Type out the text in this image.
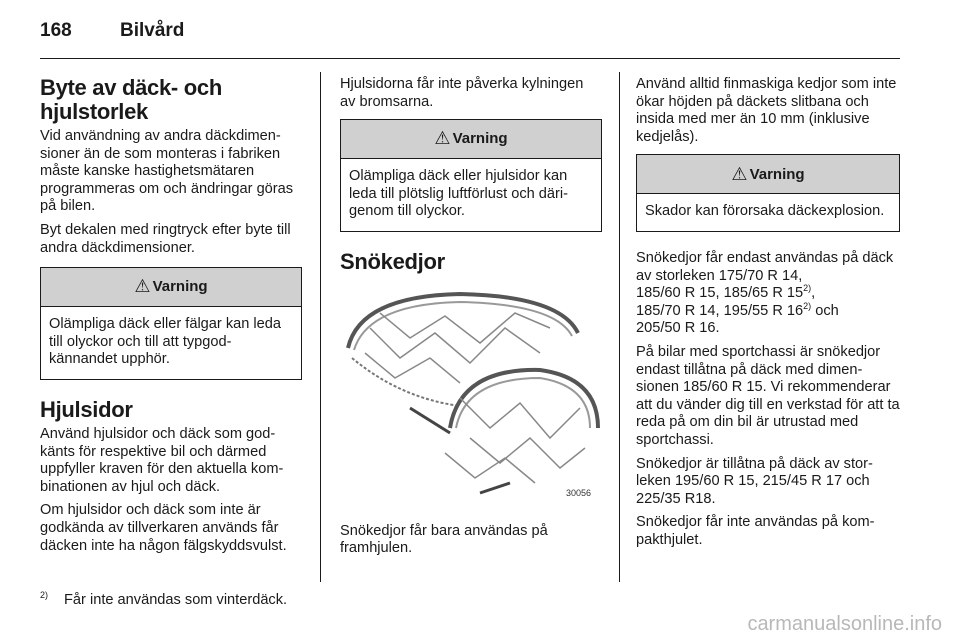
168	Bilvård
Byte av däck- och hjulstorlek

Vid användning av andra däckdimensioner än de som monteras i fabriken måste kanske hastighetsmätaren programmeras om och ändringar göras på bilen.

Byt dekalen med ringtryck efter byte till andra däckdimensioner.

⚠ Varning
Olämpliga däck eller fälgar kan leda till olyckor och till att typgodkännandet upphör.
Hjulsidor

Använd hjulsidor och däck som godkänts för respektive bil och därmed uppfyller kraven för den aktuella kombinationen av hjul och däck.

Om hjulsidor och däck som inte är godkända av tillverkaren används får däcken inte ha någon fälgskyddsvulst.

Hjulsidorna får inte påverka kylningen av bromsarna.

⚠ Varning
Olämpliga däck eller hjulsidor kan leda till plötslig luftförlust och därigenom till olyckor.
Snökedjor
30056

Snökedjor får bara användas på framhjulen.

Använd alltid finmaskiga kedjor som inte ökar höjden på däckets slitbana och insida med mer än 10 mm (inklusive kedjelås).

⚠ Varning
Skador kan förorsaka däckexplosion.

Snökedjor får endast användas på däck av storleken 175/70 R 14,
185/60 R 15, 185/65 R 15$^{2)}$,
185/70 R 14, 195/55 R 16$^{2)}$ och
205/50 R 16.

På bilar med sportchassi är snökedjor endast tillåtna på däck med dimensionen 185/60 R 15. Vi rekommenderar att du vänder dig till en verkstad för att ta reda på om din bil är utrustad med sportchassi.

Snökedjor är tillåtna på däck av storleken 195/60 R 15, 215/45 R 17 och 225/35 R18.

Snökedjor får inte användas på kompakthjulet.

$^{2)}$ Får inte användas som vinterdäck.
carmanualsonline.info
